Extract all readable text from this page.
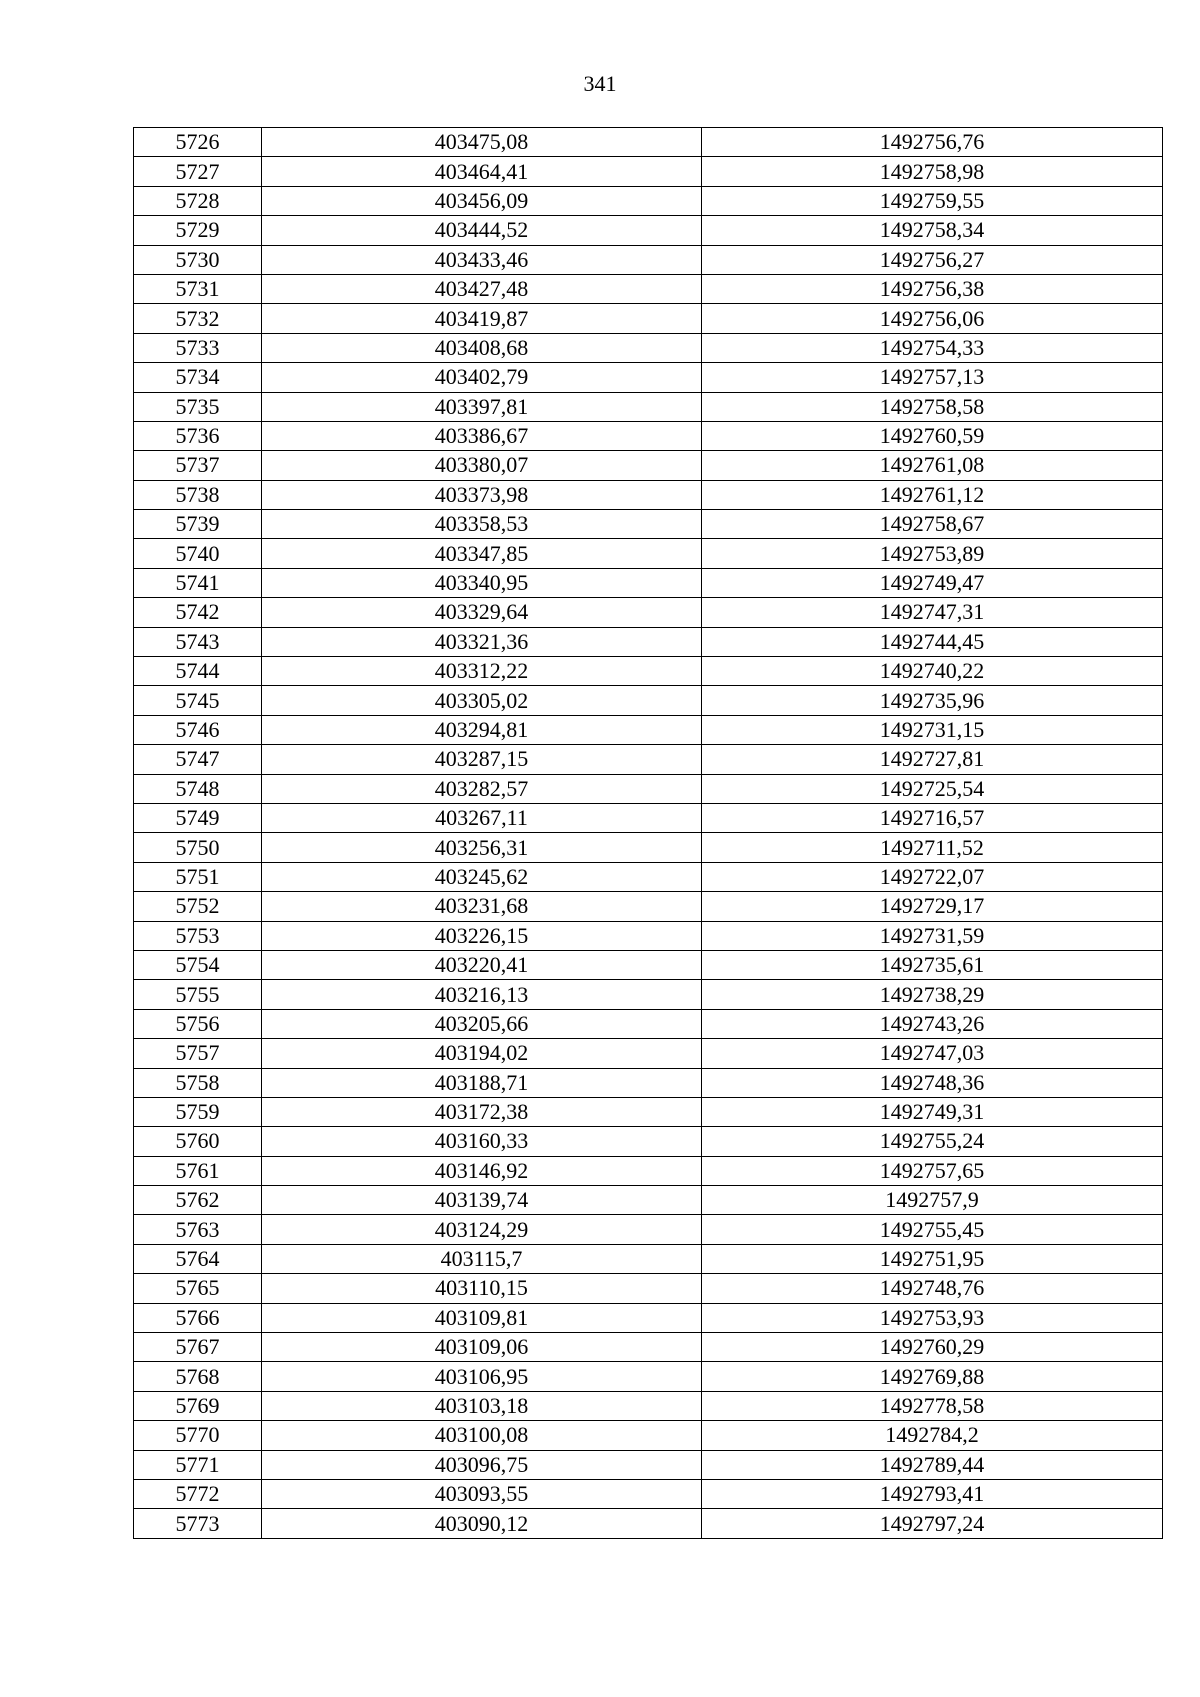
341
5726	403475,08	1492756,76
5727	403464,41	1492758,98
5728	403456,09	1492759,55
5729	403444,52	1492758,34
5730	403433,46	1492756,27
5731	403427,48	1492756,38
5732	403419,87	1492756,06
5733	403408,68	1492754,33
5734	403402,79	1492757,13
5735	403397,81	1492758,58
5736	403386,67	1492760,59
5737	403380,07	1492761,08
5738	403373,98	1492761,12
5739	403358,53	1492758,67
5740	403347,85	1492753,89
5741	403340,95	1492749,47
5742	403329,64	1492747,31
5743	403321,36	1492744,45
5744	403312,22	1492740,22
5745	403305,02	1492735,96
5746	403294,81	1492731,15
5747	403287,15	1492727,81
5748	403282,57	1492725,54
5749	403267,11	1492716,57
5750	403256,31	1492711,52
5751	403245,62	1492722,07
5752	403231,68	1492729,17
5753	403226,15	1492731,59
5754	403220,41	1492735,61
5755	403216,13	1492738,29
5756	403205,66	1492743,26
5757	403194,02	1492747,03
5758	403188,71	1492748,36
5759	403172,38	1492749,31
5760	403160,33	1492755,24
5761	403146,92	1492757,65
5762	403139,74	1492757,9
5763	403124,29	1492755,45
5764	403115,7	1492751,95
5765	403110,15	1492748,76
5766	403109,81	1492753,93
5767	403109,06	1492760,29
5768	403106,95	1492769,88
5769	403103,18	1492778,58
5770	403100,08	1492784,2
5771	403096,75	1492789,44
5772	403093,55	1492793,41
5773	403090,12	1492797,24
